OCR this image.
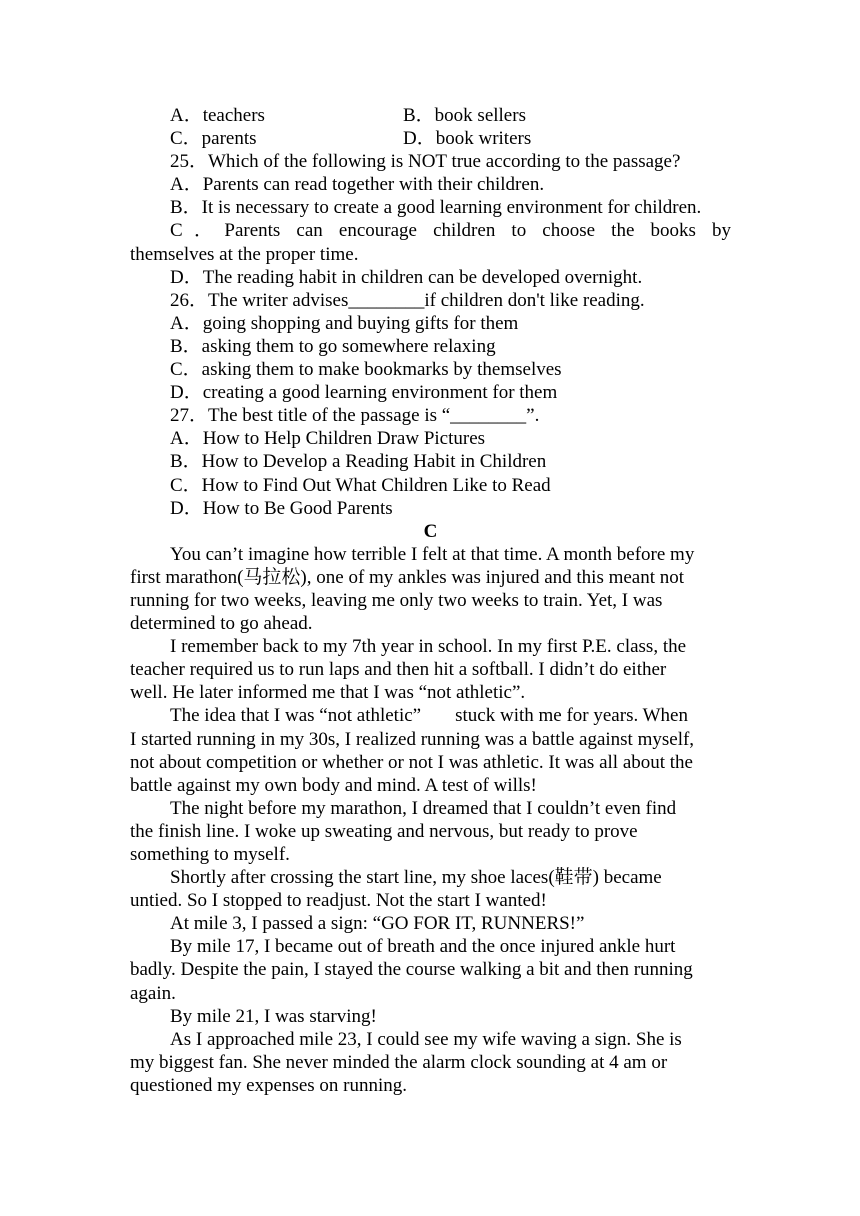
A．teachers	B．book sellers
C．parents	D．book writers
25．Which of the following is NOT true according to the passage?
A．Parents can read together with their children.
B．It is necessary to create a good learning environment for children.
C．Parents can encourage children to choose the books by
themselves at the proper time.
D．The reading habit in children can be developed overnight.
26．The writer advises________if children don't like reading.
A．going shopping and buying gifts for them
B．asking them to go somewhere relaxing
C．asking them to make bookmarks by themselves
D．creating a good learning environment for them
27．The best title of the passage is “________”.
A．How to Help Children Draw Pictures
B．How to Develop a Reading Habit in Children
C．How to Find Out What Children Like to Read
D．How to Be Good Parents
C
You can’t imagine how terrible I felt at that time. A month before my
first marathon(马拉松), one of my ankles was injured and this meant not
running for two weeks, leaving me only two weeks to train. Yet, I was
determined to go ahead.
I remember back to my 7th year in school. In my first P.E. class, the
teacher required us to run laps and then hit a softball. I didn’t do either
well. He later informed me that I was “not athletic”.
The idea that I was “not athletic” stuck with me for years. When
I started running in my 30s, I realized running was a battle against myself,
not about competition or whether or not I was athletic. It was all about the
battle against my own body and mind. A test of wills!
The night before my marathon, I dreamed that I couldn’t even find
the finish line. I woke up sweating and nervous, but ready to prove
something to myself.
Shortly after crossing the start line, my shoe laces(鞋带) became
untied. So I stopped to readjust. Not the start I wanted!
At mile 3, I passed a sign: “GO FOR IT, RUNNERS!”
By mile 17, I became out of breath and the once injured ankle hurt
badly. Despite the pain, I stayed the course walking a bit and then running
again.
By mile 21, I was starving!
As I approached mile 23, I could see my wife waving a sign. She is
my biggest fan. She never minded the alarm clock sounding at 4 am or
questioned my expenses on running.
